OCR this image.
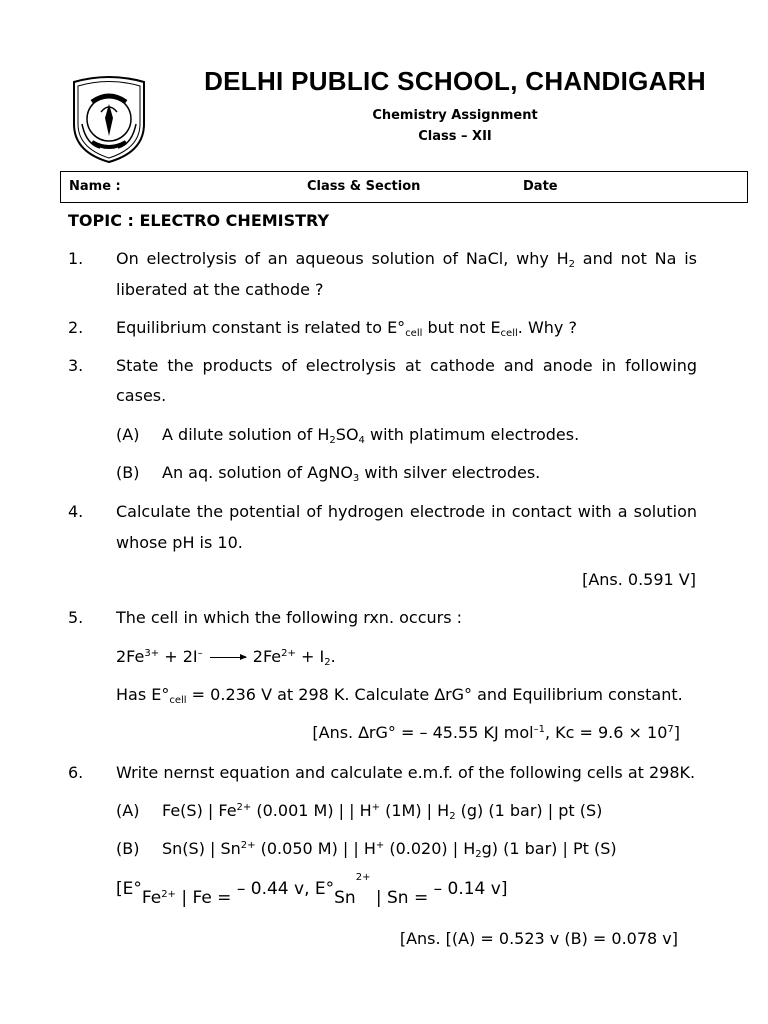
DELHI PUBLIC SCHOOL, CHANDIGARH
Chemistry Assignment
Class – XII
Name :	Class & Section	Date
TOPIC : ELECTRO CHEMISTRY
1. On electrolysis of an aqueous solution of NaCl, why $H_2$ and not Na is
liberated at the cathode ?
2. Equilibrium constant is related to $E^\circ_{cell}$ but not $E_{cell}$. Why ?
3. State the products of electrolysis at cathode and anode in following
cases.
(A) A dilute solution of $H_2SO_4$ with platimum electrodes.
(B) An aq. solution of AgNO$_3$ with silver electrodes.
4. Calculate the potential of hydrogen electrode in contact with a solution
whose pH is 10.
[Ans. 0.591 V]
5. The cell in which the following rxn. occurs :
$2Fe^{3+} + 2I^- \to 2Fe^{2+} + I_2$.
Has $E^\circ_{cell} = 0.236$ V at 298 K. Calculate ∆rG° and Equilibrium constant.
[Ans. ∆rG° = – 45.55 KJ mol$^{-1}$, $Kc = 9.6 \times 10^7$]
6. Write nernst equation and calculate e.m.f. of the following cells at 298K.
(A) Fe(S) | $Fe^{2+}$ (0.001 M) | | H+ (1M) | $H_2$ (g) (1 bar) | pt (S)
(B) Sn(S) | $Sn^{2+}$ (0.050 M) | | H+ (0.020) | $H_2g$) (1 bar) | Pt (S)
[$E^\circ Fe^{2+}$ | Fe = – 0.44 v, $E^\circ Sn^{2+}$ | Sn = – 0.14 v]
[Ans. [(A) = 0.523 v (B) = 0.078 v]
